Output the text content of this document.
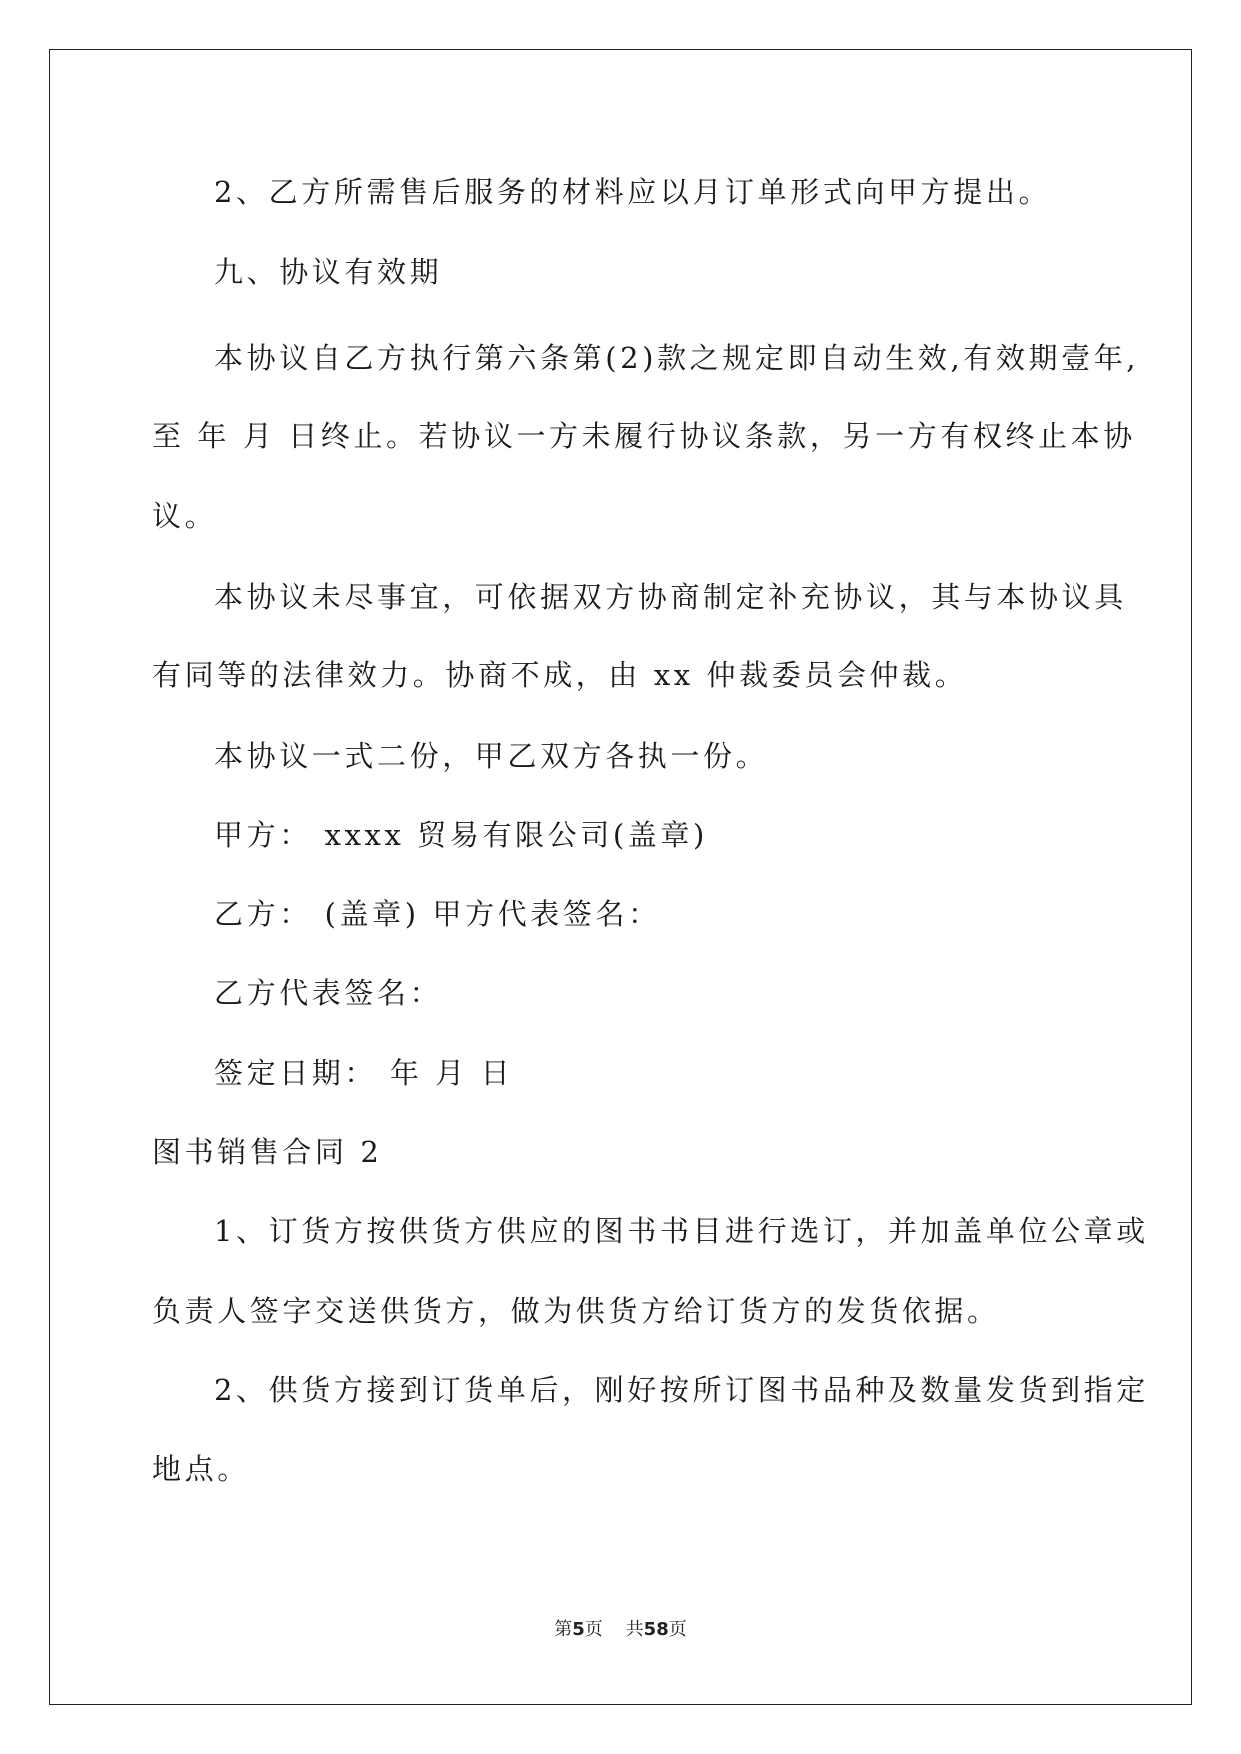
2、乙方所需售后服务的材料应以月订单形式向甲方提出。
九、协议有效期
本协议自乙方执行第六条第(2)款之规定即自动生效,有效期壹年,
至 年 月 日终止。若协议一方未履行协议条款，另一方有权终止本协
议。
本协议未尽事宜，可依据双方协商制定补充协议，其与本协议具
有同等的法律效力。协商不成，由 xx 仲裁委员会仲裁。
本协议一式二份，甲乙双方各执一份。
甲方： xxxx 贸易有限公司(盖章)
乙方： (盖章) 甲方代表签名：
乙方代表签名：
签定日期： 年 月 日
图书销售合同 2
1、订货方按供货方供应的图书书目进行选订，并加盖单位公章或
负责人签字交送供货方，做为供货方给订货方的发货依据。
2、供货方接到订货单后，刚好按所订图书品种及数量发货到指定
地点。
第5页    共58页
